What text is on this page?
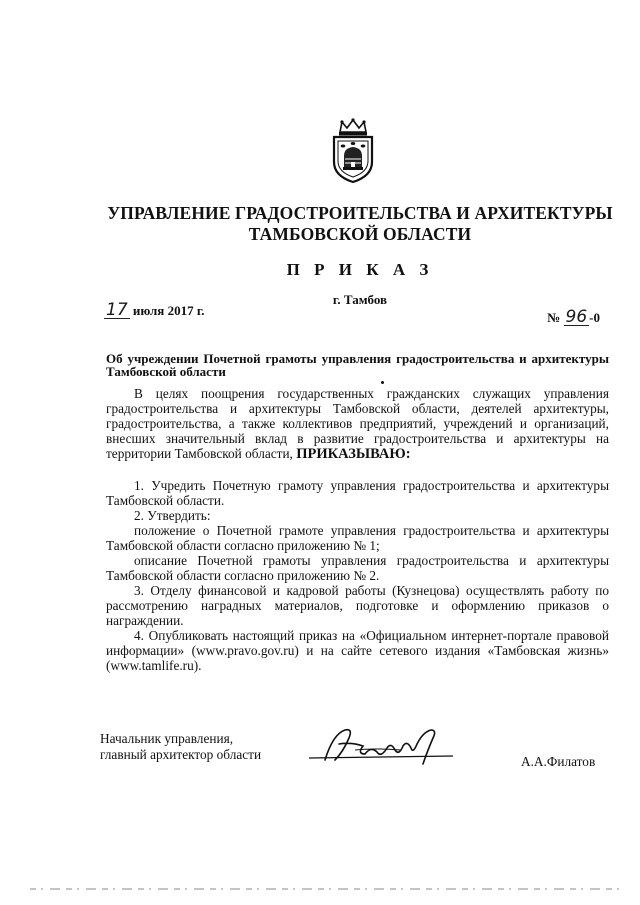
УПРАВЛЕНИЕ ГРАДОСТРОИТЕЛЬСТВА И АРХИТЕКТУРЫ
ТАМБОВСКОЙ ОБЛАСТИ
П Р И К А З
г. Тамбов
17 июля 2017 г.	№ 96 -0
Об учреждении Почетной грамоты управления градостроительства и архитектуры Тамбовской области
В целях поощрения государственных гражданских служащих управления градостроительства и архитектуры Тамбовской области, деятелей архитектуры, градостроительства, а также коллективов предприятий, учреждений и организаций, внесших значительный вклад в развитие градостроительства и архитектуры на территории Тамбовской области, ПРИКАЗЫВАЮ:
1. Учредить Почетную грамоту управления градостроительства и архитектуры Тамбовской области.
2. Утвердить:
положение о Почетной грамоте управления градостроительства и архитектуры Тамбовской области согласно приложению № 1;
описание Почетной грамоты управления градостроительства и архитектуры Тамбовской области согласно приложению № 2.
3. Отделу финансовой и кадровой работы (Кузнецова) осуществлять работу по рассмотрению наградных материалов, подготовке и оформлению приказов о награждении.
4. Опубликовать настоящий приказ на «Официальном интернет-портале правовой информации» (www.pravo.gov.ru) и на сайте сетевого издания «Тамбовская жизнь» (www.tamlife.ru).
Начальник управления,
главный архитектор области	А.А.Филатов
